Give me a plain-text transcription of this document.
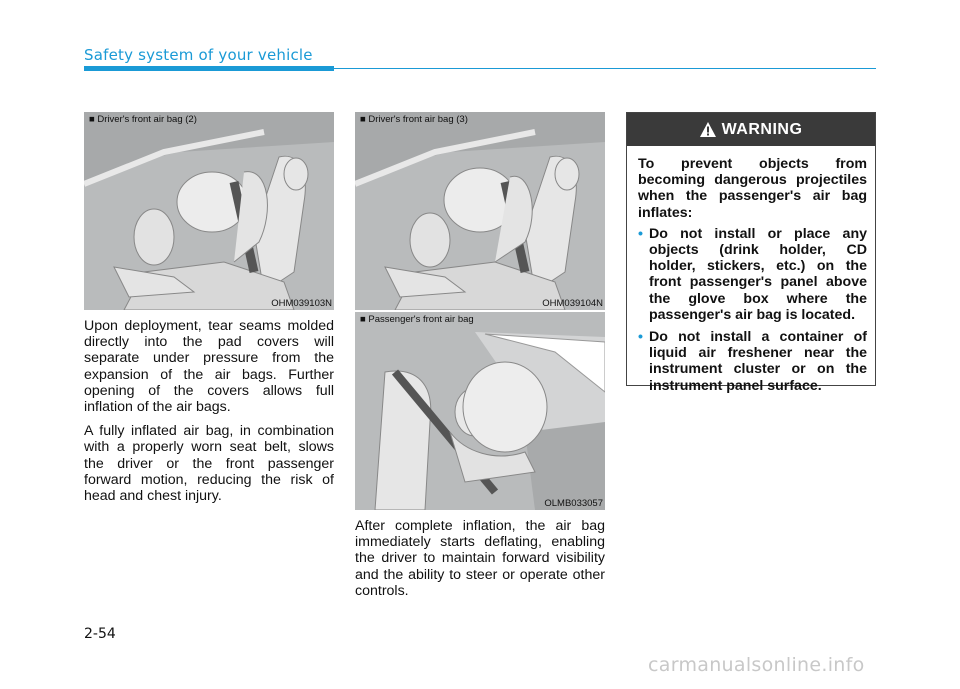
Safety system of your vehicle
■ Driver's front air bag (2)
OHM039103N
■ Driver's front air bag (3)
OHM039104N
■ Passenger's front air bag
OLMB033057

Upon deployment, tear seams molded directly into the pad covers will separate under pressure from the expansion of the air bags. Further opening of the covers allows full inflation of the air bags.

A fully inflated air bag, in combination with a properly worn seat belt, slows the driver or the front passenger forward motion, reducing the risk of head and chest injury.

After complete inflation, the air bag immediately starts deflating, enabling the driver to maintain forward visibility and the ability to steer or operate other controls.

WARNING

To prevent objects from becoming dangerous projectiles when the passenger's air bag inflates:

• Do not install or place any objects (drink holder, CD holder, stickers, etc.) on the front passenger's panel above the glove box where the passenger's air bag is located.
• Do not install a container of liquid air freshener near the instrument cluster or on the instrument panel surface.
2-54
carmanualsonline.info
